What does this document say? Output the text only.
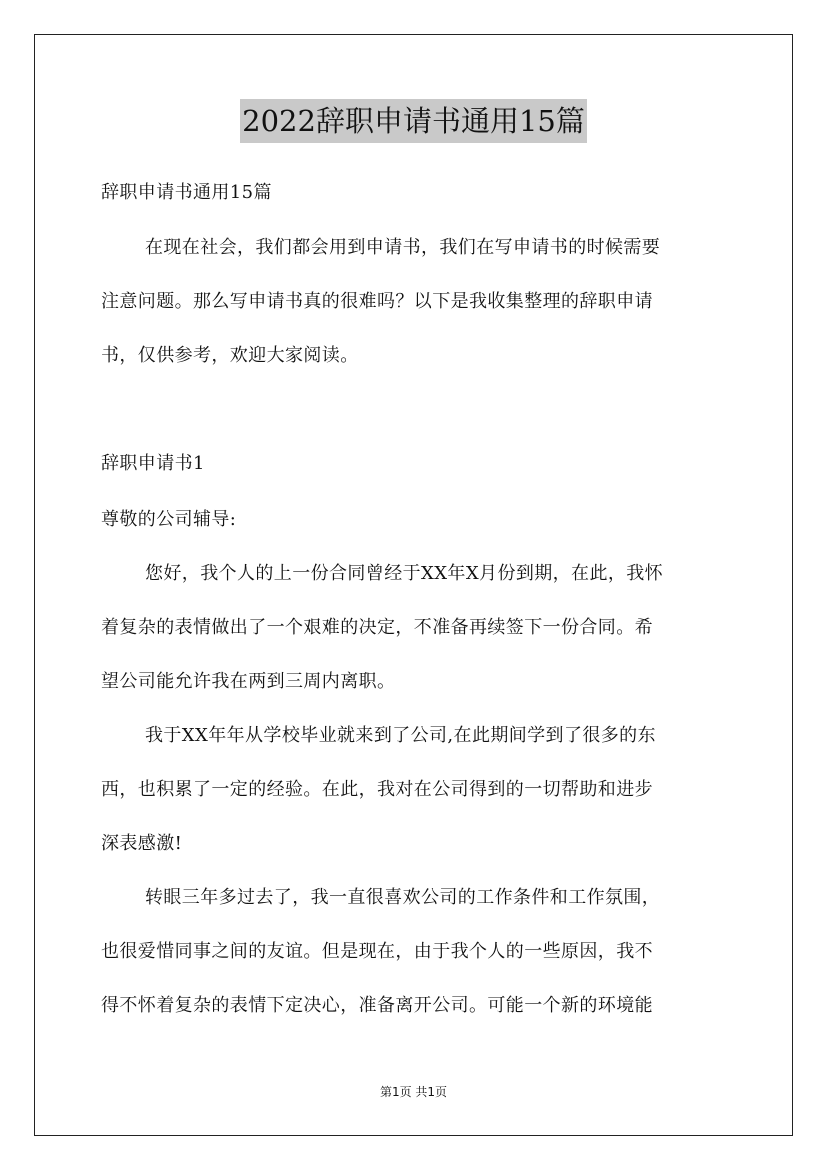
2022辞职申请书通用15篇
辞职申请书通用15篇
在现在社会，我们都会用到申请书，我们在写申请书的时候需要
注意问题。那么写申请书真的很难吗？以下是我收集整理的辞职申请
书，仅供参考，欢迎大家阅读。
辞职申请书1
尊敬的公司辅导:
您好，我个人的上一份合同曾经于XX年X月份到期，在此，我怀
着复杂的表情做出了一个艰难的决定，不准备再续签下一份合同。希
望公司能允许我在两到三周内离职。
我于XX年年从学校毕业就来到了公司,在此期间学到了很多的东
西，也积累了一定的经验。在此，我对在公司得到的一切帮助和进步
深表感激!
转眼三年多过去了，我一直很喜欢公司的工作条件和工作氛围，
也很爱惜同事之间的友谊。但是现在，由于我个人的一些原因，我不
得不怀着复杂的表情下定决心，准备离开公司。可能一个新的环境能
第1页 共1页
